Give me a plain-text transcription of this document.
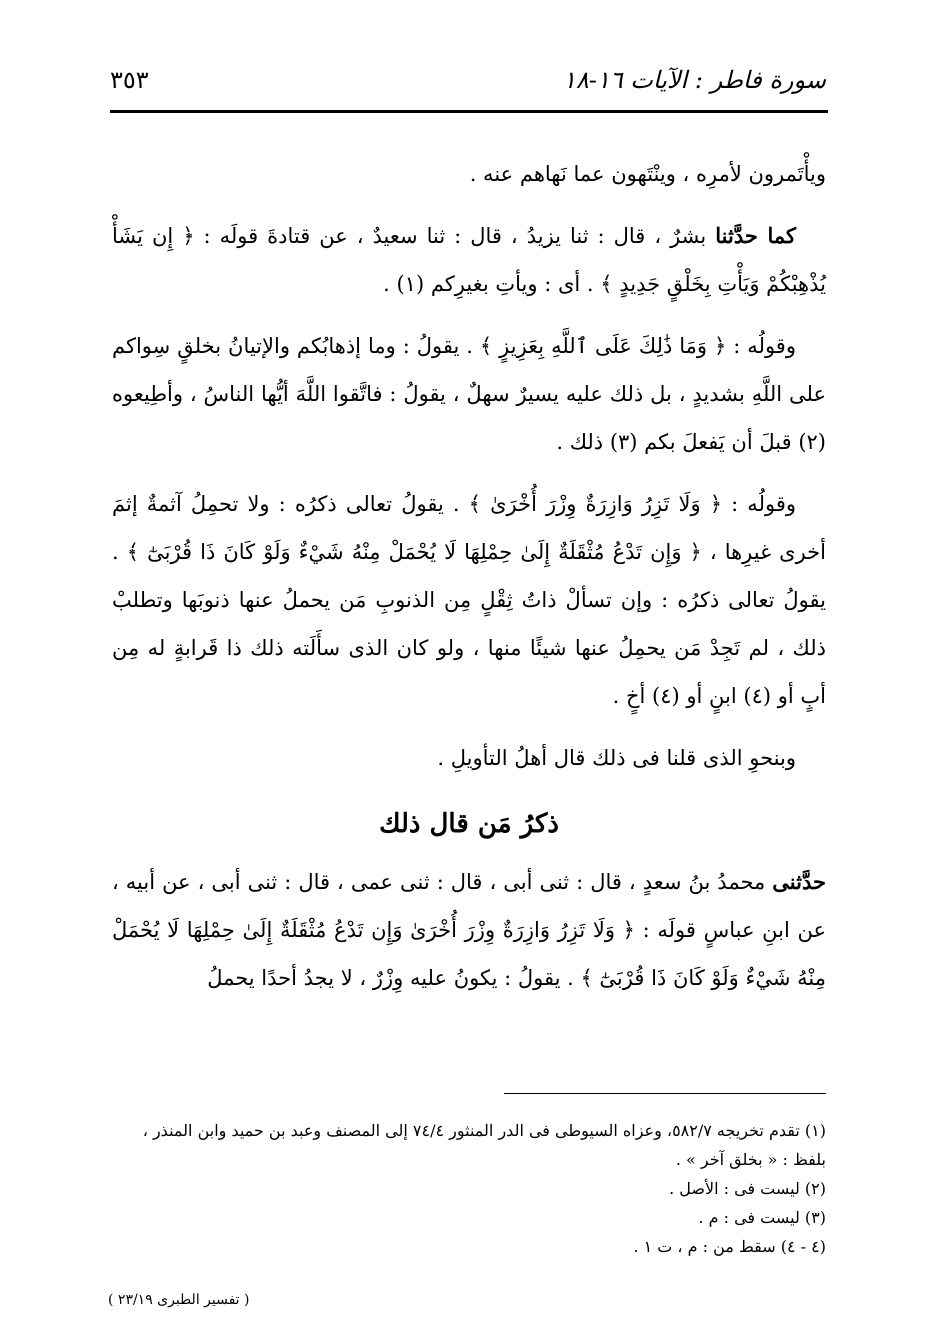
سورة فاطر : الآيات ١٦-١٨
٣٥٣

ويأْتَمرون لأمرِه ، وينْتَهون عما نَهاهم عنه .

كما حدَّثنا بشرٌ ، قال : ثنا يزيدُ ، قال : ثنا سعيدٌ ، عن قتادةَ قولَه : ﴿ إِن يَشَأْ يُذْهِبْكُمْ وَيَأْتِ بِخَلْقٍ جَدِيدٍ ﴾ . أى : ويأتِ بغيرِكم (١) .

وقولُه : ﴿ وَمَا ذَٰلِكَ عَلَى ٱللَّهِ بِعَزِيزٍ ﴾ . يقولُ : وما إذهابُكم والإتيانُ بخلقٍ سِواكم على اللَّهِ بشديدٍ ، بل ذلك عليه يسيرٌ سهلٌ ، يقولُ : فاتَّقوا اللَّهَ أيُّها الناسُ ، وأطِيعوه (٢) قبلَ أن يَفعلَ بكم (٣) ذلك .

وقولُه : ﴿ وَلَا تَزِرُ وَازِرَةٌ وِزْرَ أُخْرَىٰ ﴾ . يقولُ تعالى ذكرُه : ولا تحمِلُ آثمةٌ إثمَ أخرى غيرِها ، ﴿ وَإِن تَدْعُ مُثْقَلَةٌ إِلَىٰ حِمْلِهَا لَا يُحْمَلْ مِنْهُ شَيْءٌ وَلَوْ كَانَ ذَا قُرْبَىٰٓ ﴾ . يقولُ تعالى ذكرُه : وإن تسألْ ذاتُ ثِقْلٍ مِن الذنوبِ مَن يحملُ عنها ذنوبَها وتطلبْ ذلك ، لم تَجِدْ مَن يحمِلُ عنها شيئًا منها ، ولو كان الذى سأَلَته ذلك ذا قَرابةٍ له مِن أبٍ أو (٤) ابنٍ أو (٤) أخٍ .

وبنحوِ الذى قلنا فى ذلك قال أهلُ التأويلِ .

ذكرُ مَن قال ذلك

حدَّثنى محمدُ بنُ سعدٍ ، قال : ثنى أبى ، قال : ثنى عمى ، قال : ثنى أبى ، عن أبيه ، عن ابنِ عباسٍ قولَه : ﴿ وَلَا تَزِرُ وَازِرَةٌ وِزْرَ أُخْرَىٰ وَإِن تَدْعُ مُثْقَلَةٌ إِلَىٰ حِمْلِهَا لَا يُحْمَلْ مِنْهُ شَيْءٌ وَلَوْ كَانَ ذَا قُرْبَىٰٓ ﴾ . يقولُ : يكونُ عليه وِزْرٌ ، لا يجدُ أحدًا يحملُ

(١) تقدم تخريجه ٥٨٢/٧، وعزاه السيوطى فى الدر المنثور ٧٤/٤ إلى المصنف وعبد بن حميد وابن المنذر ، بلفظ : « بخلق آخر » .
(٢) ليست فى : الأصل .
(٣) ليست فى : م .
(٤ - ٤) سقط من : م ، ت ١ .
( تفسير الطبرى ٢٣/١٩ )
